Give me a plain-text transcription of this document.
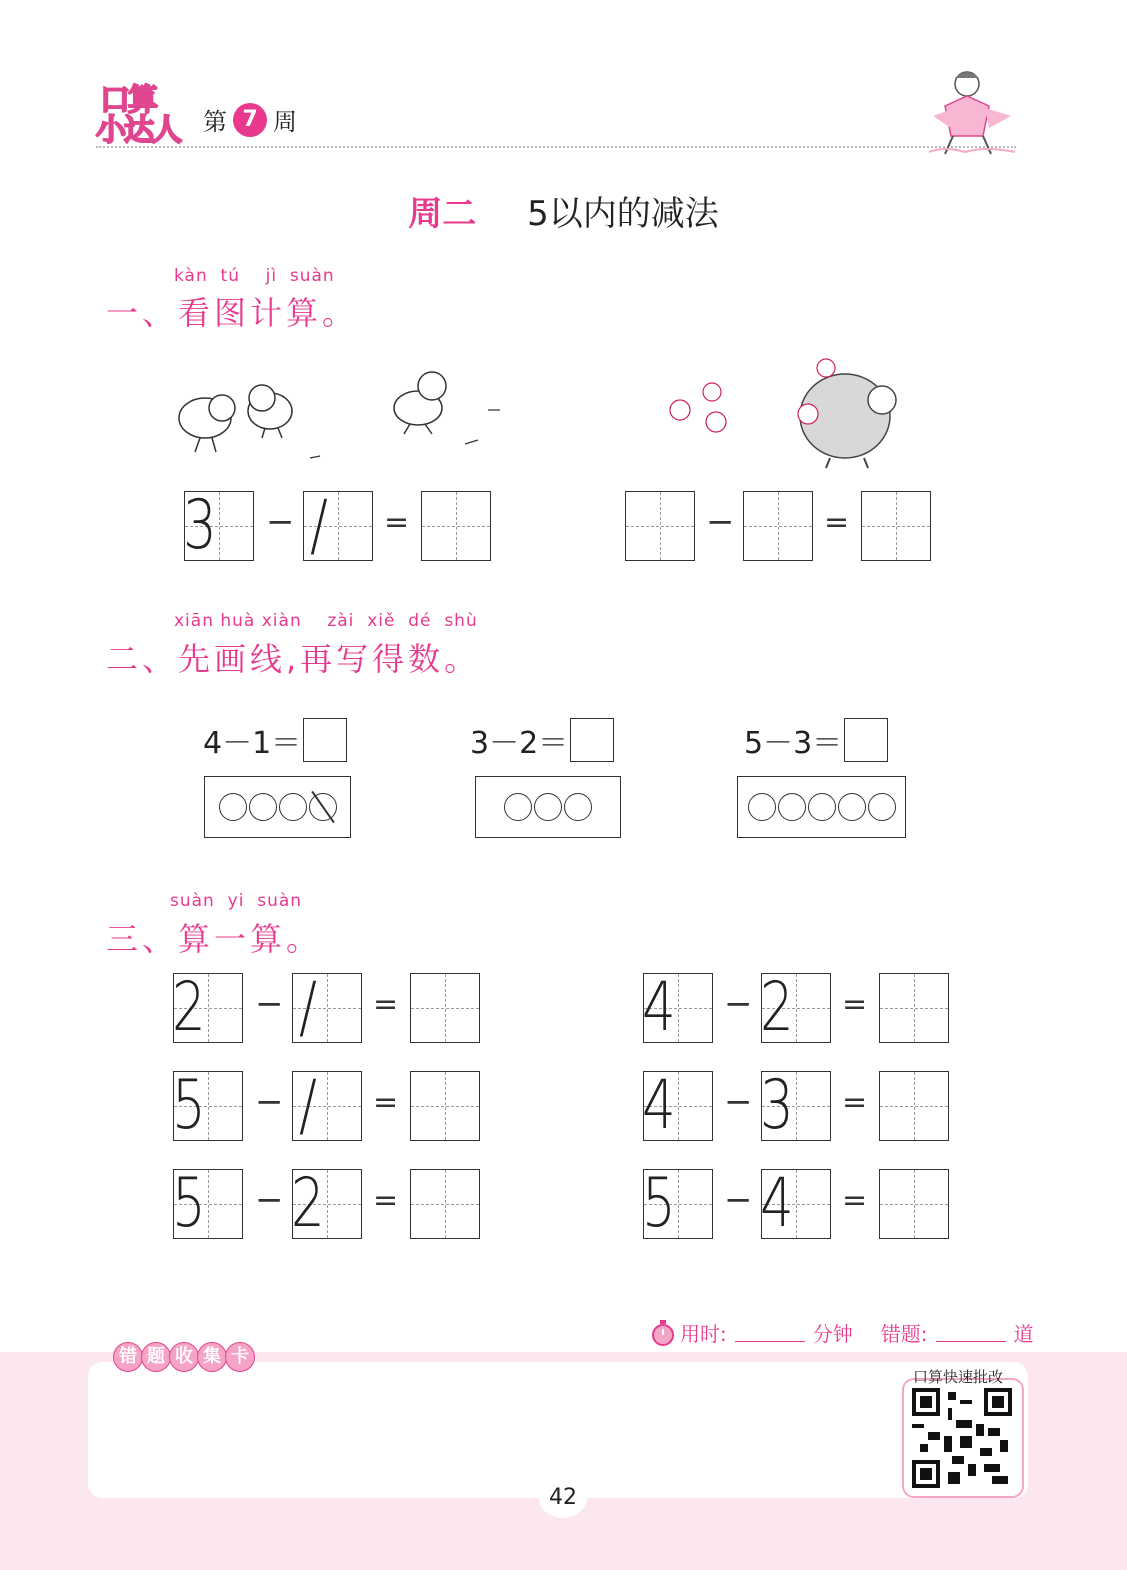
口算
小达人 第 7 周
周二 5以内的减法
kàn  tú    jì  suàn
一、看图计算。
3 − / =	−	=
xiān huà xiàn    zài  xiě  dé  shù
二、先画线,再写得数。
4－1＝	3－2＝	5－3＝
suàn  yi  suàn
三、算一算。
2 − / =	4 − 2 =
5 − / =	4 − 3 =
5 − 2 =	5 − 4 =
用时:	分钟 错题:	道
错 题 收 集 卡
口算快速批改
42
